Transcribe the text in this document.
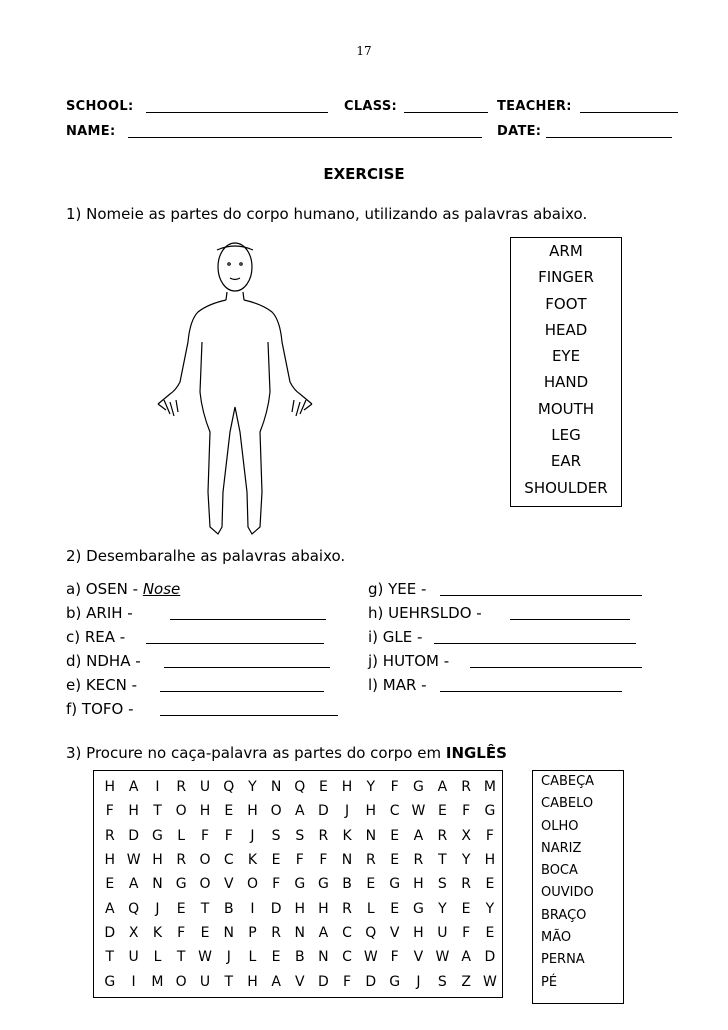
17
SCHOOL:	CLASS:	TEACHER:
NAME:	DATE:
EXERCISE
1) Nomeie as partes do corpo humano, utilizando as palavras abaixo.
ARM
FINGER
FOOT
HEAD
EYE
HAND
MOUTH
LEG
EAR
SHOULDER
2) Desembaralhe as palavras abaixo.
a) OSEN - Nose
b) ARIH -
c) REA -
d) NDHA -
e) KECN -
f) TOFO -
g) YEE -
h) UEHRSLDO -
i) GLE -
j) HUTOM -
l) MAR -
3) Procure no caça-palavra as partes do corpo em INGLÊS
H	A	I	R	U	Q	Y	N	Q	E	H	Y	F	G	A	R	M
F	H	T	O	H	E	H	O	A	D	J	H	C	W	E	F	G
R	D	G	L	F	F	J	S	S	R	K	N	E	A	R	X	F
H	W	H	R	O	C	K	E	F	F	N	R	E	R	T	Y	H
E	A	N	G	O	V	O	F	G	G	B	E	G	H	S	R	E
A	Q	J	E	T	B	I	D	H	H	R	L	E	G	Y	E	Y
D	X	K	F	E	N	P	R	N	A	C	Q	V	H	U	F	E
T	U	L	T	W	J	L	E	B	N	C	W	F	V	W	A	D
G	I	M	O	U	T	H	A	V	D	F	D	G	J	S	Z	W
CABEÇA
CABELO
OLHO
NARIZ
BOCA
OUVIDO
BRAÇO
MÃO
PERNA
PÉ
